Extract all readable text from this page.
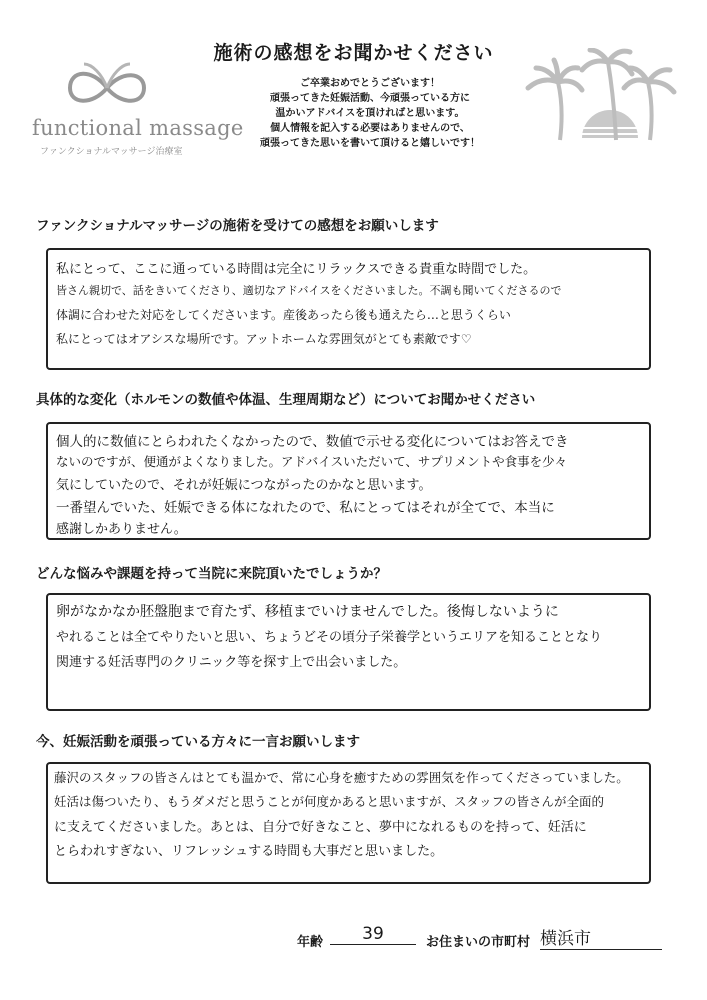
施術の感想をお聞かせください
ご卒業おめでとうございます！
頑張ってきた妊娠活動、今頑張っている方に
温かいアドバイスを頂ければと思います。
個人情報を記入する必要はありませんので、
頑張ってきた思いを書いて頂けると嬉しいです！
functional massage
ファンクショナルマッサージ治療室
ファンクショナルマッサージの施術を受けての感想をお願いします
私にとって、ここに通っている時間は完全にリラックスできる貴重な時間でした。
皆さん親切で、話をきいてくださり、適切なアドバイスをくださいました。不調も聞いてくださるので
体調に合わせた対応をしてくださいます。産後あったら後も通えたら…と思うくらい
私にとってはオアシスな場所です。アットホームな雰囲気がとても素敵です♡
具体的な変化（ホルモンの数値や体温、生理周期など）についてお聞かせください
個人的に数値にとらわれたくなかったので、数値で示せる変化についてはお答えでき
ないのですが、便通がよくなりました。アドバイスいただいて、サプリメントや食事を少々
気にしていたので、それが妊娠につながったのかなと思います。
一番望んでいた、妊娠できる体になれたので、私にとってはそれが全てで、本当に
感謝しかありません。
どんな悩みや課題を持って当院に来院頂いたでしょうか？
卵がなかなか胚盤胞まで育たず、移植までいけませんでした。後悔しないように
やれることは全てやりたいと思い、ちょうどその頃分子栄養学というエリアを知ることとなり
関連する妊活専門のクリニック等を探す上で出会いました。
今、妊娠活動を頑張っている方々に一言お願いします
藤沢のスタッフの皆さんはとても温かで、常に心身を癒すための雰囲気を作ってくださっていました。
妊活は傷ついたり、もうダメだと思うことが何度かあると思いますが、スタッフの皆さんが全面的
に支えてくださいました。あとは、自分で好きなこと、夢中になれるものを持って、妊活に
とらわれすぎない、リフレッシュする時間も大事だと思いました。
年齢	39	お住まいの市町村 横浜市
